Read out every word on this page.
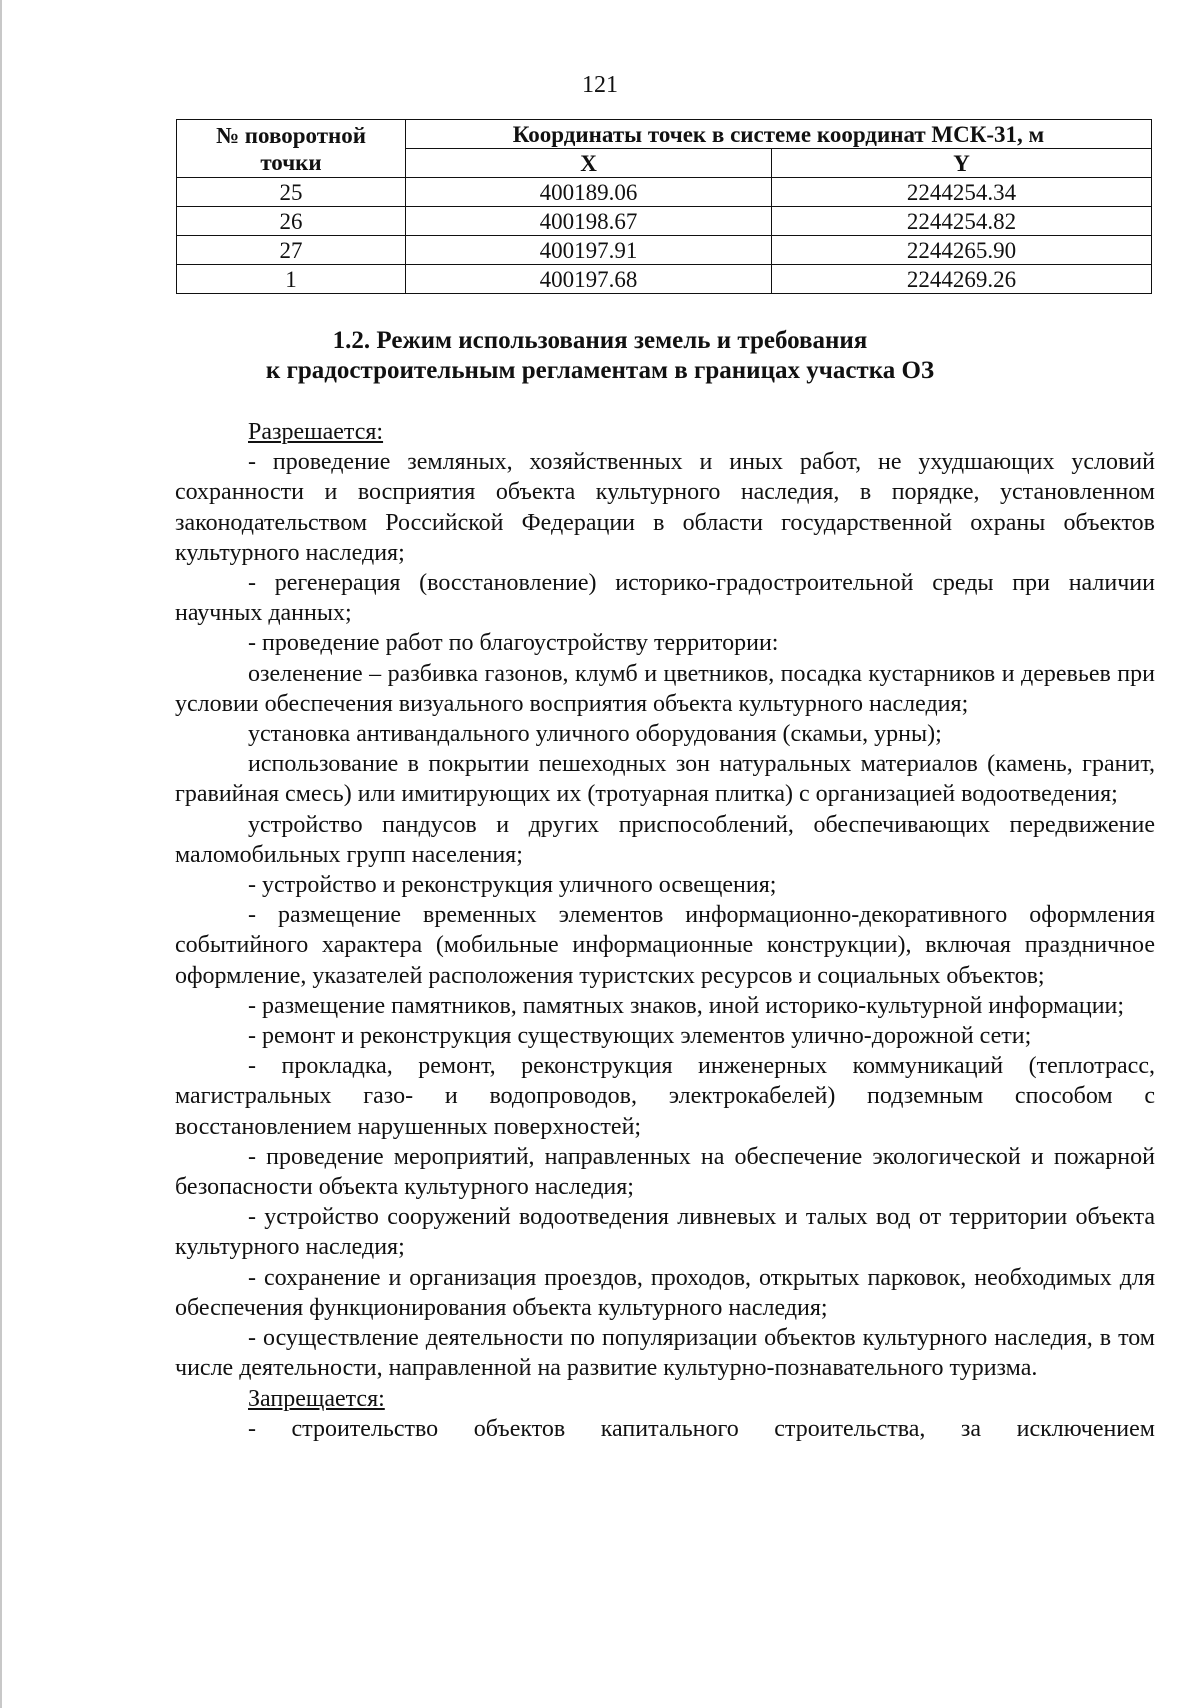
121
№ поворотной
точки	Координаты точек в системе координат МСК-31, м	
	X	Y
25	400189.06	2244254.34
26	400198.67	2244254.82
27	400197.91	2244265.90
1	400197.68	2244269.26
1.2. Режим использования земель и требования
к градостроительным регламентам в границах участка ОЗ

Разрешается:

- проведение земляных, хозяйственных и иных работ, не ухудшающих условий сохранности и восприятия объекта культурного наследия, в порядке, установленном законодательством Российской Федерации в области государственной охраны объектов культурного наследия;

- регенерация (восстановление) историко-градостроительной среды при наличии научных данных;

- проведение работ по благоустройству территории:

озеленение – разбивка газонов, клумб и цветников, посадка кустарников и деревьев при условии обеспечения визуального восприятия объекта культурного наследия;

установка антивандального уличного оборудования (скамьи, урны);

использование в покрытии пешеходных зон натуральных материалов (камень, гранит, гравийная смесь) или имитирующих их (тротуарная плитка) с организацией водоотведения;

устройство пандусов и других приспособлений, обеспечивающих передвижение маломобильных групп населения;

- устройство и реконструкция уличного освещения;

- размещение временных элементов информационно-декоративного оформления событийного характера (мобильные информационные конструкции), включая праздничное оформление, указателей расположения туристских ресурсов и социальных объектов;

- размещение памятников, памятных знаков, иной историко-культурной информации;

- ремонт и реконструкция существующих элементов улично-дорожной сети;

- прокладка, ремонт, реконструкция инженерных коммуникаций (теплотрасс, магистральных газо- и водопроводов, электрокабелей) подземным способом с восстановлением нарушенных поверхностей;

- проведение мероприятий, направленных на обеспечение экологической и пожарной безопасности объекта культурного наследия;

- устройство сооружений водоотведения ливневых и талых вод от территории объекта культурного наследия;

- сохранение и организация проездов, проходов, открытых парковок, необходимых для обеспечения функционирования объекта культурного наследия;

- осуществление деятельности по популяризации объектов культурного наследия, в том числе деятельности, направленной на развитие культурно-познавательного туризма.

Запрещается:

- строительство объектов капитального строительства, за исключением
